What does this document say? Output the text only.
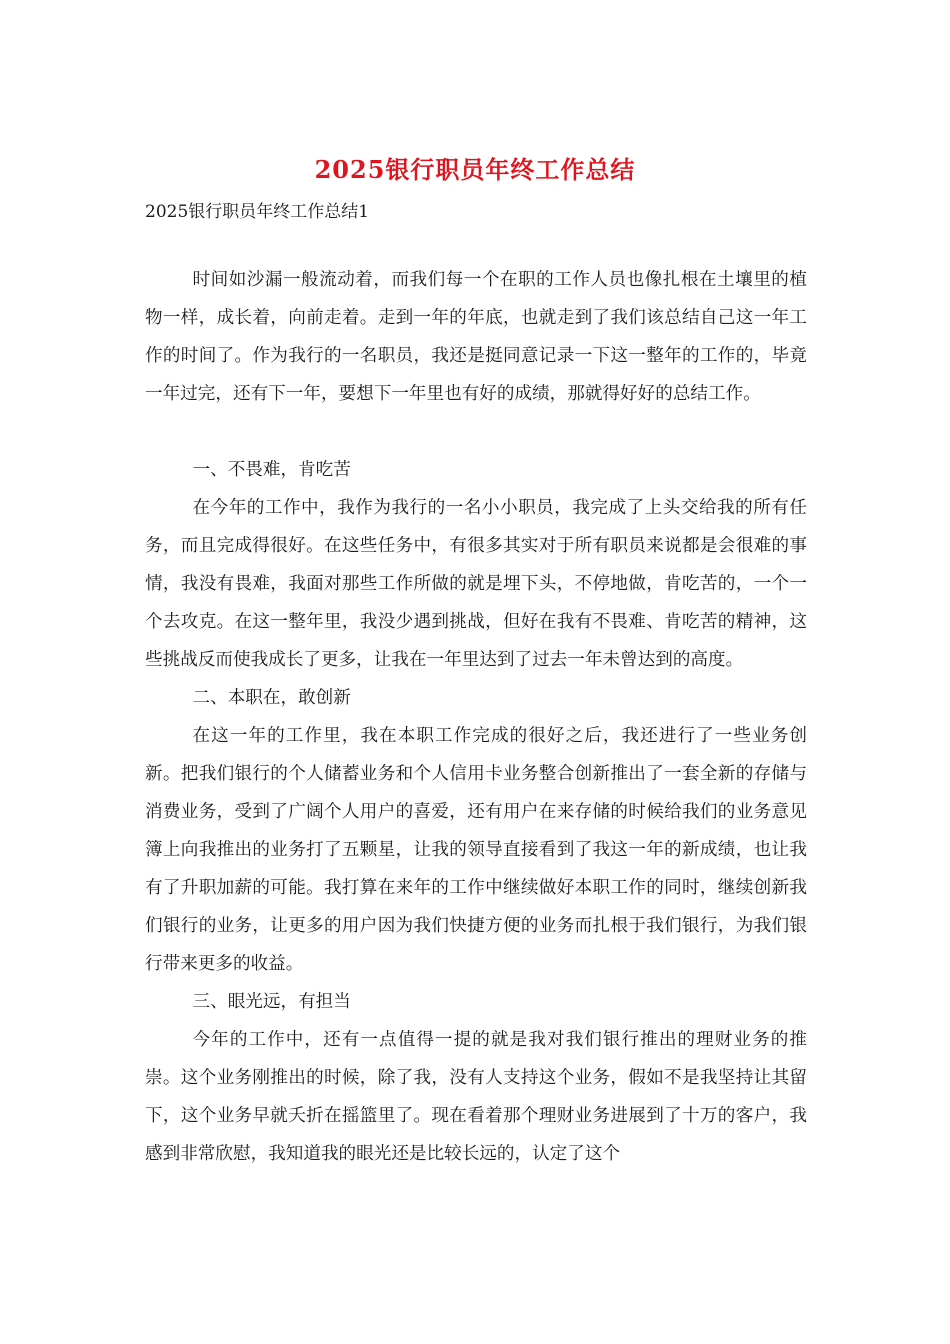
2025银行职员年终工作总结
2025银行职员年终工作总结1

时间如沙漏一般流动着，而我们每一个在职的工作人员也像扎根在土壤里的植物一样，成长着，向前走着。走到一年的年底，也就走到了我们该总结自己这一年工作的时间了。作为我行的一名职员，我还是挺同意记录一下这一整年的工作的，毕竟一年过完，还有下一年，要想下一年里也有好的成绩，那就得好好的总结工作。

一、不畏难，肯吃苦

在今年的工作中，我作为我行的一名小小职员，我完成了上头交给我的所有任务，而且完成得很好。在这些任务中，有很多其实对于所有职员来说都是会很难的事情，我没有畏难，我面对那些工作所做的就是埋下头，不停地做，肯吃苦的，一个一个去攻克。在这一整年里，我没少遇到挑战，但好在我有不畏难、肯吃苦的精神，这些挑战反而使我成长了更多，让我在一年里达到了过去一年未曾达到的高度。

二、本职在，敢创新

在这一年的工作里，我在本职工作完成的很好之后，我还进行了一些业务创新。把我们银行的个人储蓄业务和个人信用卡业务整合创新推出了一套全新的存储与消费业务，受到了广阔个人用户的喜爱，还有用户在来存储的时候给我们的业务意见簿上向我推出的业务打了五颗星，让我的领导直接看到了我这一年的新成绩，也让我有了升职加薪的可能。我打算在来年的工作中继续做好本职工作的同时，继续创新我们银行的业务，让更多的用户因为我们快捷方便的业务而扎根于我们银行，为我们银行带来更多的收益。

三、眼光远，有担当

今年的工作中，还有一点值得一提的就是我对我们银行推出的理财业务的推崇。这个业务刚推出的时候，除了我，没有人支持这个业务，假如不是我坚持让其留下，这个业务早就夭折在摇篮里了。现在看着那个理财业务进展到了十万的客户，我感到非常欣慰，我知道我的眼光还是比较长远的，认定了这个
